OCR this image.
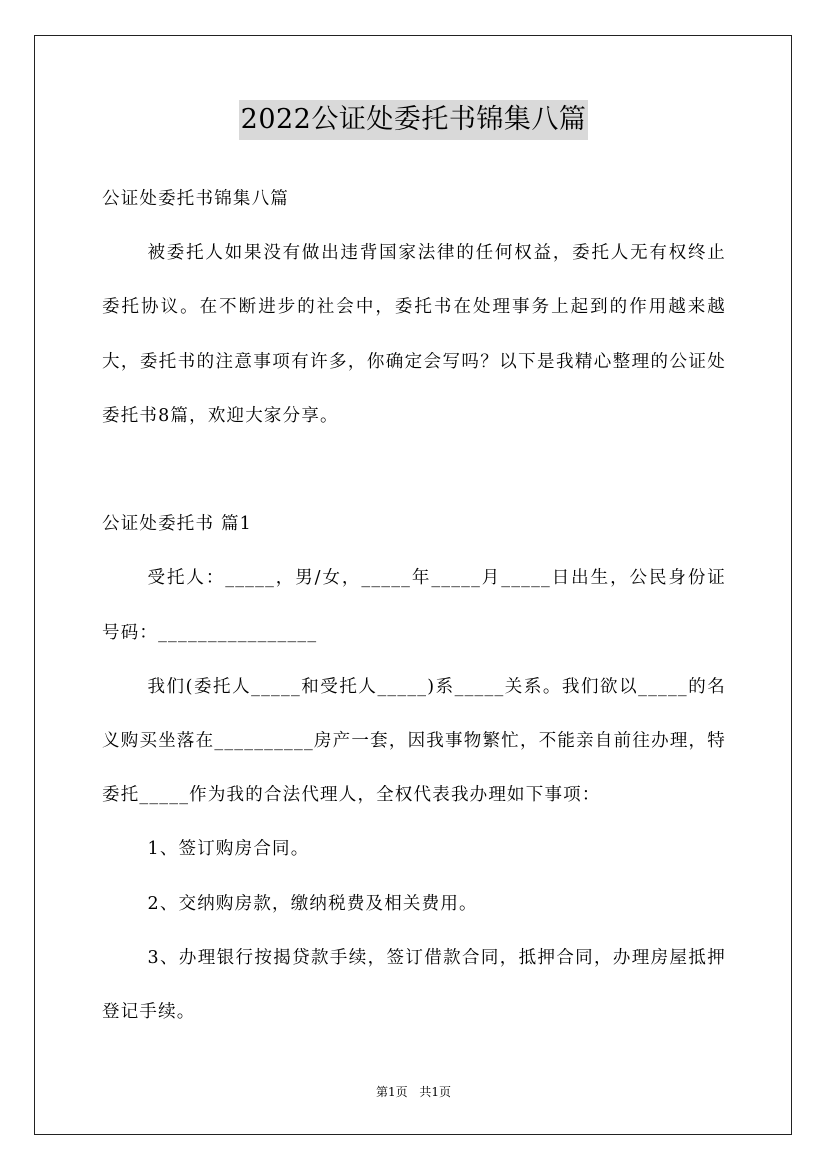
2022公证处委托书锦集八篇

公证处委托书锦集八篇

被委托人如果没有做出违背国家法律的任何权益，委托人无有权终止委托协议。在不断进步的社会中，委托书在处理事务上起到的作用越来越大，委托书的注意事项有许多，你确定会写吗？以下是我精心整理的公证处委托书8篇，欢迎大家分享。

公证处委托书 篇1

受托人：_____，男/女，_____年_____月_____日出生，公民身份证号码：________________

我们(委托人_____和受托人_____)系_____关系。我们欲以_____的名义购买坐落在__________房产一套，因我事物繁忙，不能亲自前往办理，特委托_____作为我的合法代理人，全权代表我办理如下事项：

1、签订购房合同。

2、交纳购房款，缴纳税费及相关费用。

3、办理银行按揭贷款手续，签订借款合同，抵押合同，办理房屋抵押登记手续。

第1页 共1页
